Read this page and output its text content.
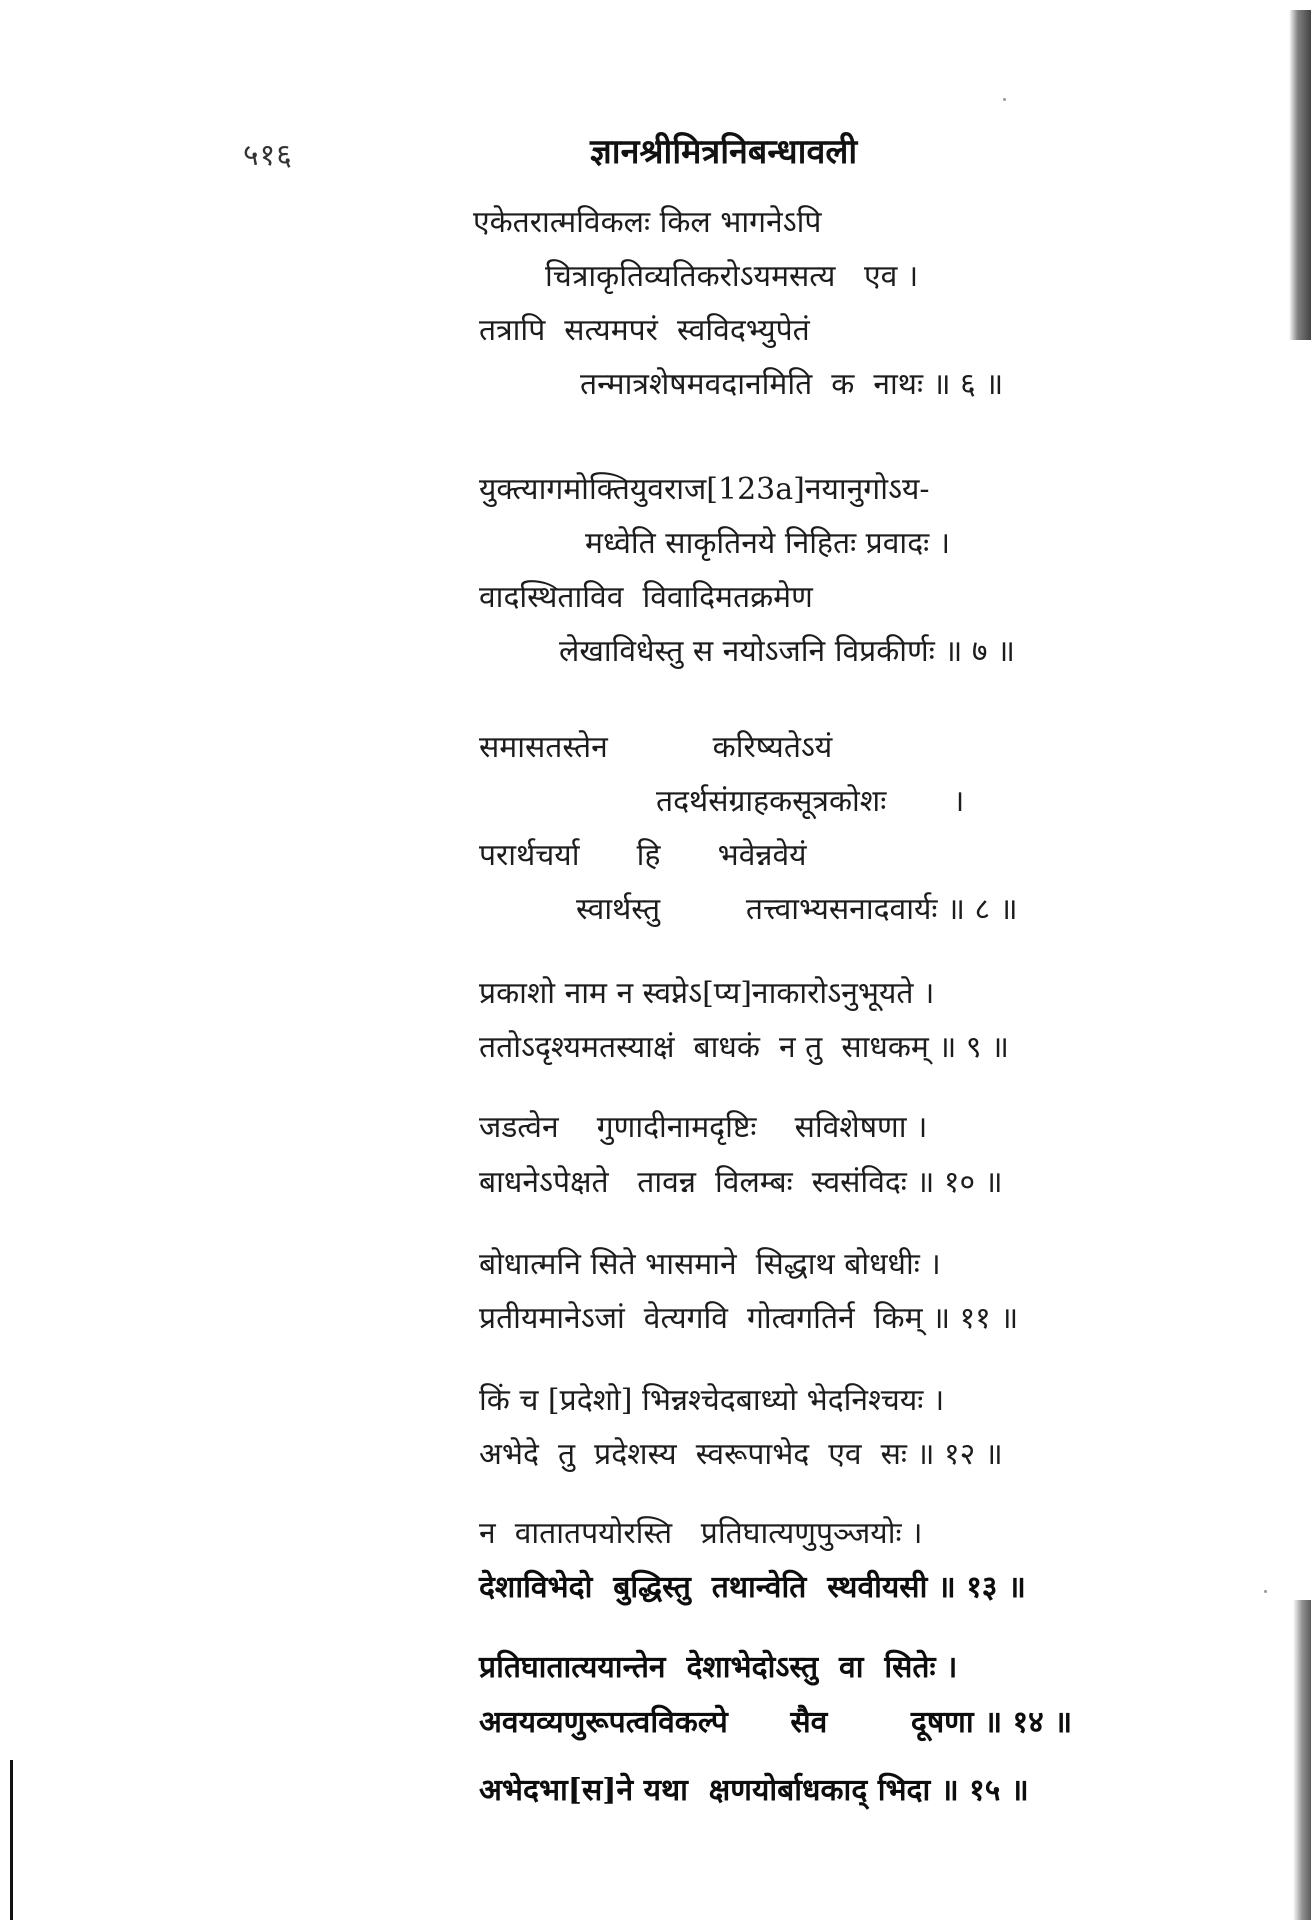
५१६	ज्ञानश्रीमित्रनिबन्धावली
एकेतरात्मविकलः किल भागनेऽपि
चित्राकृतिव्यतिकरोऽयमसत्य   एव ।
तत्रापि  सत्यमपरं  स्वविदभ्युपेतं
तन्मात्रशेषमवदानमिति  क  नाथः ॥ ६ ॥
युक्त्यागमोक्तियुवराज[123a]नयानुगोऽय-
मध्वेति साकृतिनये निहितः प्रवादः ।
वादस्थिताविव  विवादिमतक्रमेण
लेखाविधेस्तु स नयोऽजनि विप्रकीर्णः ॥ ७ ॥
समासतस्तेन           करिष्यतेऽयं
तदर्थसंग्राहकसूत्रकोशः       ।
परार्थचर्या      हि      भवेन्नवेयं
स्वार्थस्तु         तत्त्वाभ्यसनादवार्यः ॥ ८ ॥
प्रकाशो नाम न स्वप्नेऽ[प्य]नाकारोऽनुभूयते ।
ततोऽदृश्यमतस्याक्षं  बाधकं  न तु  साधकम् ॥ ९ ॥
जडत्वेन    गुणादीनामदृष्टिः    सविशेषणा ।
बाधनेऽपेक्षते   तावन्न  विलम्बः  स्वसंविदः ॥ १० ॥
बोधात्मनि सिते भासमाने  सिद्धाथ बोधधीः ।
प्रतीयमानेऽजां  वेत्यगवि  गोत्वगतिर्न  किम् ॥ ११ ॥
किं च [प्रदेशो] भिन्नश्चेदबाध्यो भेदनिश्चयः ।
अभेदे  तु  प्रदेशस्य  स्वरूपाभेद  एव  सः ॥ १२ ॥
न  वातातपयोरस्ति   प्रतिघात्यणुपुञ्जयोः ।
देशाविभेदो  बुद्धिस्तु  तथान्वेति  स्थवीयसी ॥ १३ ॥
प्रतिघातात्ययान्तेन  देशाभेदोऽस्तु  वा  सितेः ।
अवयव्यणुरूपत्वविकल्पे      सैव        दूषणा ॥ १४ ॥
अभेदभा[स]ने यथा  क्षणयोर्बाधकाद् भिदा ॥ १५ ॥
